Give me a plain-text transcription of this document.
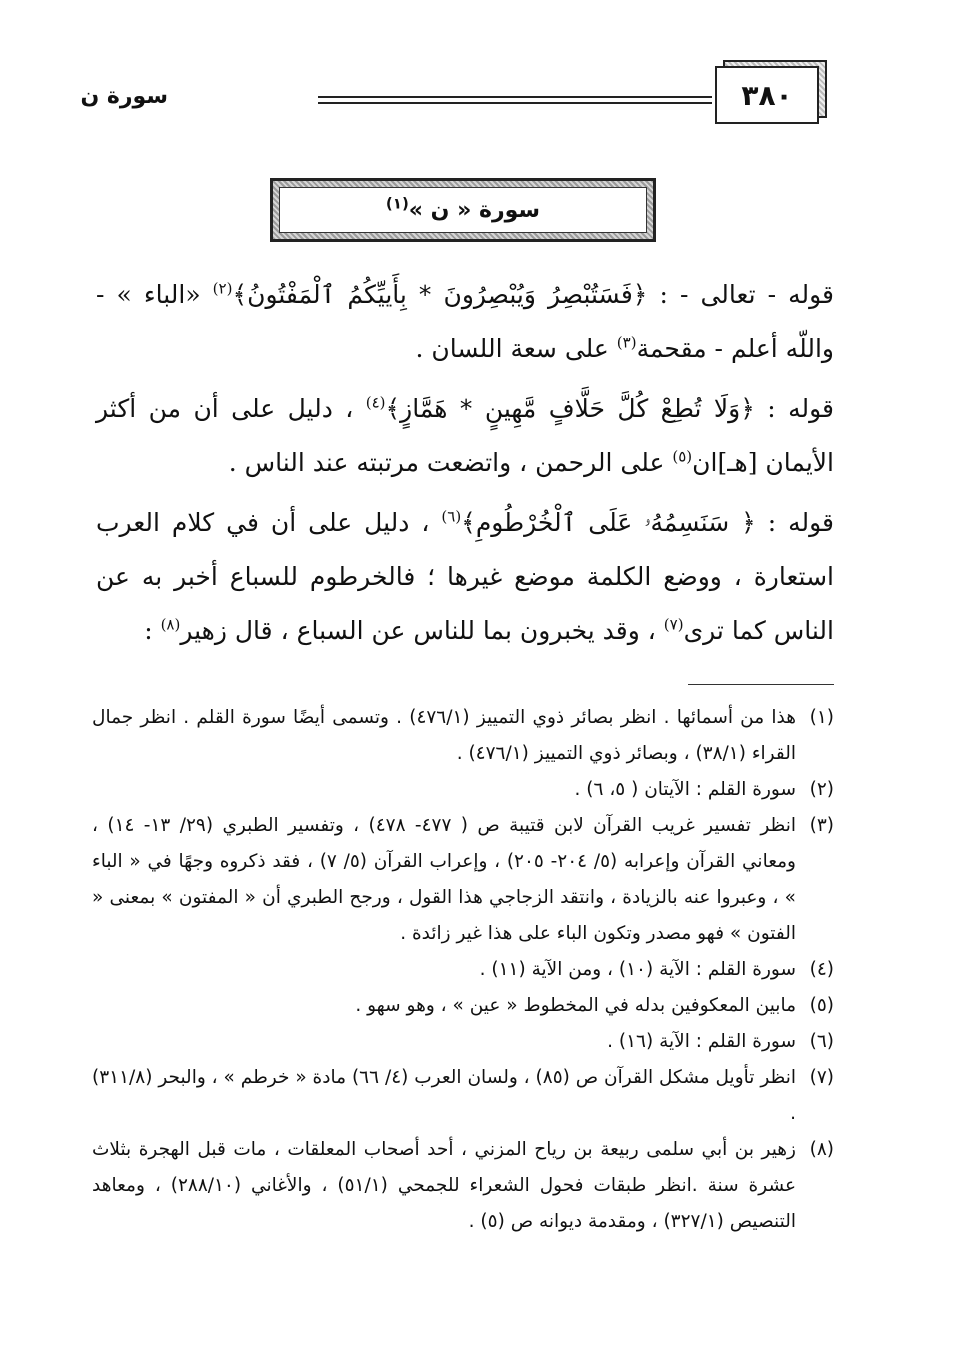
٣٨٠
سورة ن
سورة « ن »$^{(١)}$

قوله - تعالى - : ﴿فَسَتُبْصِرُ وَيُبْصِرُونَ * بِأَييِّكُمُ ٱلْمَفْتُونُ﴾$^{(٢)}$ «الباء » - واللّه أعلم - مقحمة$^{(٣)}$ على سعة اللسان .

قوله : ﴿وَلَا تُطِعْ كُلَّ حَلَّافٍ مَّهِينٍ * هَمَّازٍ﴾$^{(٤)}$ ، دليل على أن من أكثر الأيمان [هـ]ان$^{(٥)}$ على الرحمن ، واتضعت مرتبته عند الناس .

قوله : ﴿ سَنَسِمُهُۥ عَلَى ٱلْخُرْطُومِ﴾$^{(٦)}$ ، دليل على أن في كلام العرب استعارة ، ووضع الكلمة موضع غيرها ؛ فالخرطوم للسباع أخبر به عن الناس كما ترى$^{(٧)}$ ، وقد يخبرون بما للناس عن السباع ، قال زهير$^{(٨)}$ :

(١)
هذا من أسمائها . انظر بصائر ذوي التمييز (٤٧٦/١) . وتسمى أيضًا سورة القلم . انظر جمال القراء (٣٨/١) ، وبصائر ذوي التمييز (٤٧٦/١) .

(٢)
سورة القلم : الآيتان ( ٥، ٦) .

(٣)
انظر تفسير غريب القرآن لابن قتيبة ص ( ٤٧٧- ٤٧٨) ، وتفسير الطبري (٢٩/ ١٣- ١٤) ، ومعاني القرآن وإعرابه (٥/ ٢٠٤- ٢٠٥) ، وإعراب القرآن (٥/ ٧) ، فقد ذكروه وجهًا في « الباء » ، وعبروا عنه بالزيادة ، وانتقد الزجاجي هذا القول ، ورجح الطبري أن « المفتون » بمعنى « الفتون » فهو مصدر وتكون الباء على هذا غير زائدة .

(٤)
سورة القلم : الآية (١٠) ، ومن الآية (١١) .

(٥)
مابين المعكوفين بدله في المخطوط « عين » ، وهو سهو .

(٦)
سورة القلم : الآية (١٦) .

(٧)
انظر تأويل مشكل القرآن ص (٨٥) ، ولسان العرب (٤/ ٦٦) مادة « خرطم » ، والبحر (٣١١/٨) .

(٨)
زهير بن أبي سلمى ربيعة بن رياح المزني ، أحد أصحاب المعلقات ، مات قبل الهجرة بثلاث عشرة سنة .انظر طبقات فحول الشعراء للجمحي (٥١/١) ، والأغاني (٢٨٨/١٠) ، ومعاهد التنصيص (٣٢٧/١) ، ومقدمة ديوانه ص (٥) .
